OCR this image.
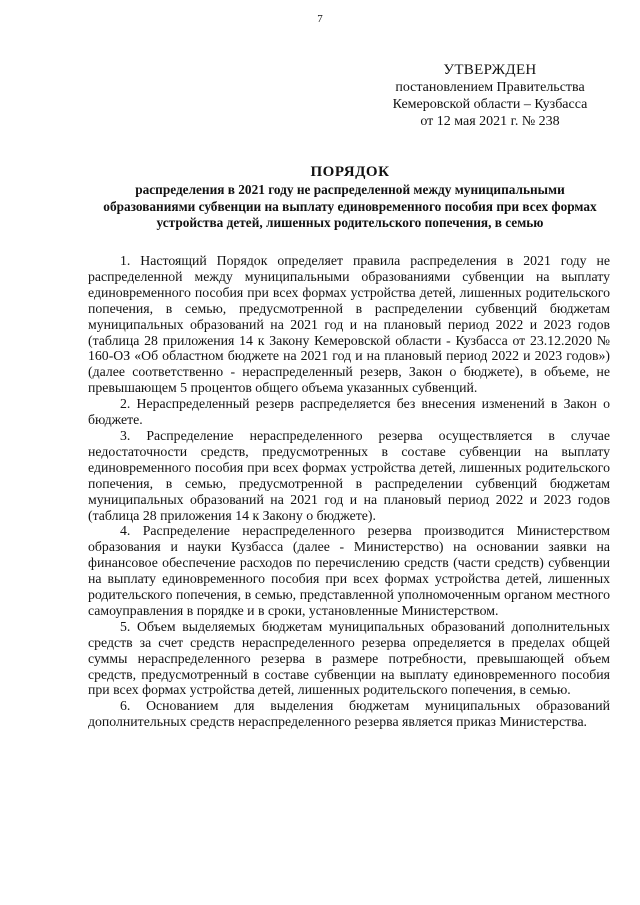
7
УТВЕРЖДЕН
постановлением Правительства
Кемеровской области – Кузбасса
от 12 мая 2021 г. № 238
ПОРЯДОК
распределения в 2021 году не распределенной между муниципальными образованиями субвенции на выплату единовременного пособия при всех формах устройства детей, лишенных родительского попечения, в семью

1. Настоящий Порядок определяет правила распределения в 2021 году не распределенной между муниципальными образованиями субвенции на выплату единовременного пособия при всех формах устройства детей, лишенных родительского попечения, в семью, предусмотренной в распределении субвенций бюджетам муниципальных образований на 2021 год и на плановый период 2022 и 2023 годов (таблица 28 приложения 14 к Закону Кемеровской области - Кузбасса от 23.12.2020 № 160-ОЗ «Об областном бюджете на 2021 год и на плановый период 2022 и 2023 годов») (далее соответственно - нераспределенный резерв, Закон о бюджете), в объеме, не превышающем 5 процентов общего объема указанных субвенций.

2. Нераспределенный резерв распределяется без внесения изменений в Закон о бюджете.

3. Распределение нераспределенного резерва осуществляется в случае недостаточности средств, предусмотренных в составе субвенции на выплату единовременного пособия при всех формах устройства детей, лишенных родительского попечения, в семью, предусмотренной в распределении субвенций бюджетам муниципальных образований на 2021 год и на плановый период 2022 и 2023 годов (таблица 28 приложения 14 к Закону о бюджете).

4. Распределение нераспределенного резерва производится Министерством образования и науки Кузбасса (далее - Министерство) на основании заявки на финансовое обеспечение расходов по перечислению средств (части средств) субвенции на выплату единовременного пособия при всех формах устройства детей, лишенных родительского попечения, в семью, представленной уполномоченным органом местного самоуправления в порядке и в сроки, установленные Министерством.

5. Объем выделяемых бюджетам муниципальных образований дополнительных средств за счет средств нераспределенного резерва определяется в пределах общей суммы нераспределенного резерва в размере потребности, превышающей объем средств, предусмотренный в составе субвенции на выплату единовременного пособия при всех формах устройства детей, лишенных родительского попечения, в семью.

6. Основанием для выделения бюджетам муниципальных образований дополнительных средств нераспределенного резерва является приказ Министерства.
